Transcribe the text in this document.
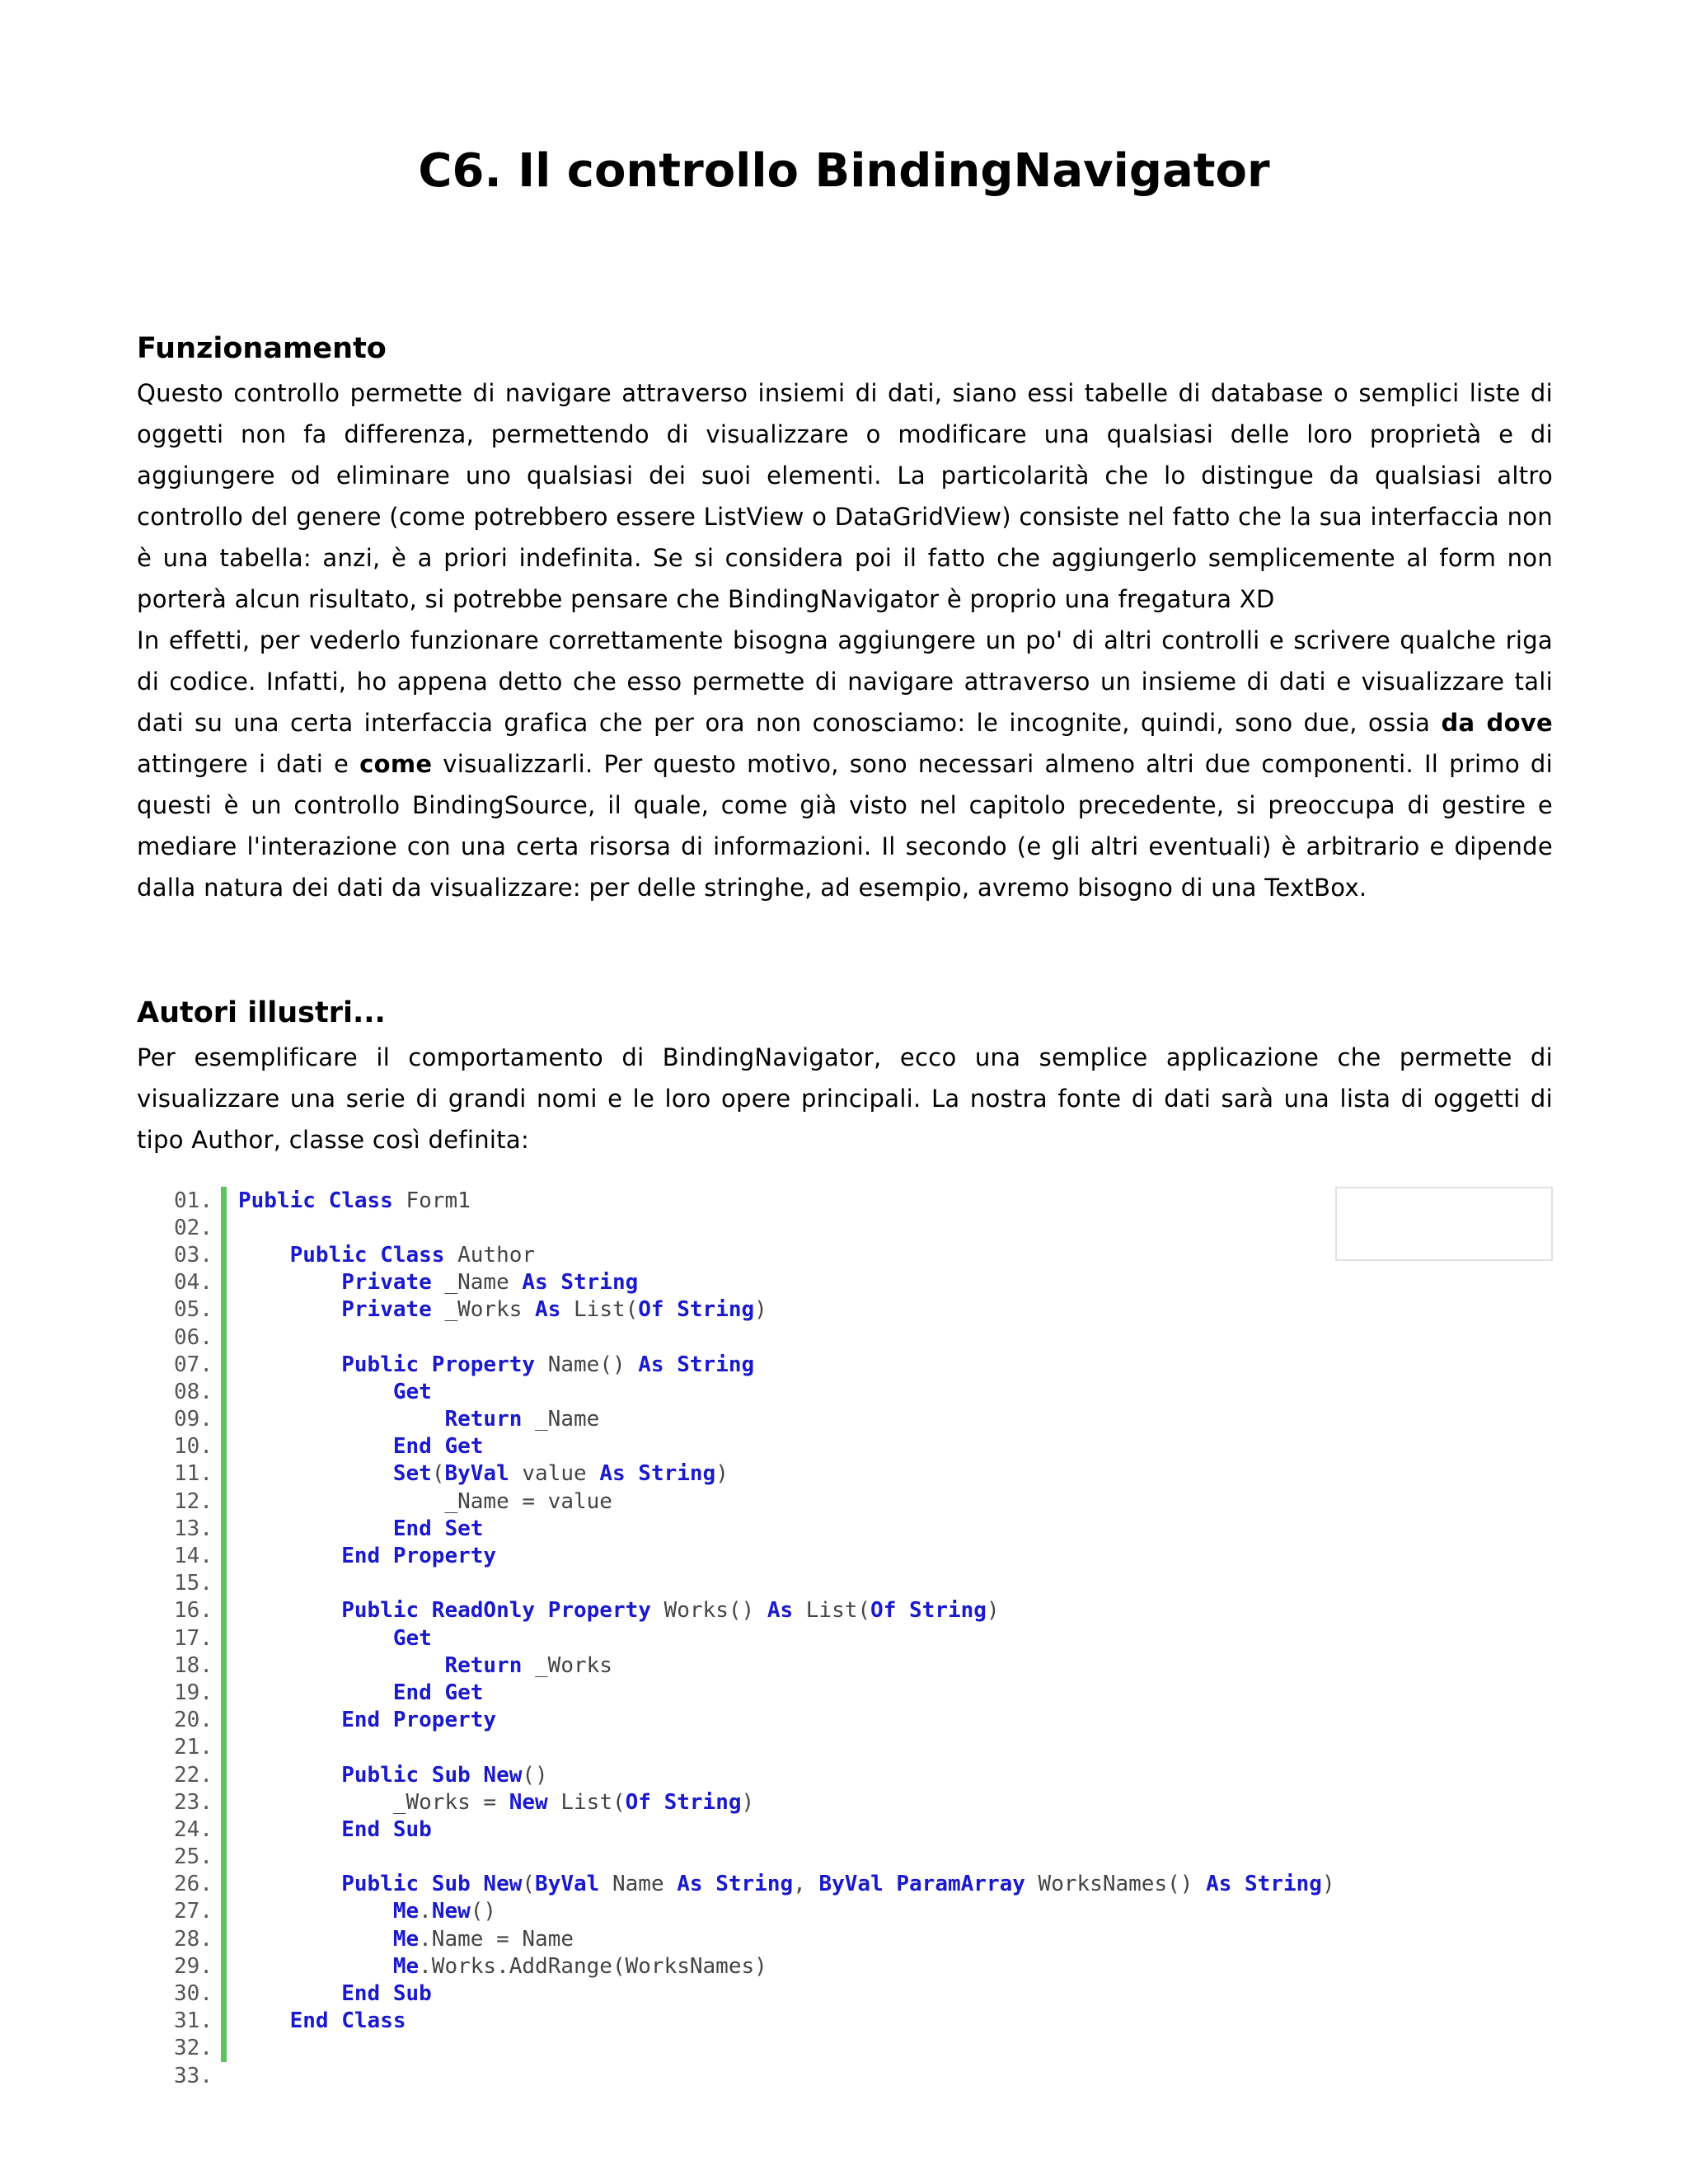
C6. Il controllo BindingNavigator
Funzionamento
Questo controllo permette di navigare attraverso insiemi di dati, siano essi tabelle di database o semplici liste di oggetti non fa differenza, permettendo di visualizzare o modificare una qualsiasi delle loro proprietà e di aggiungere od eliminare uno qualsiasi dei suoi elementi. La particolarità che lo distingue da qualsiasi altro controllo del genere (come potrebbero essere ListView o DataGridView) consiste nel fatto che la sua interfaccia non è una tabella: anzi, è a priori indefinita. Se si considera poi il fatto che aggiungerlo semplicemente al form non porterà alcun risultato, si potrebbe pensare che BindingNavigator è proprio una fregatura XD
In effetti, per vederlo funzionare correttamente bisogna aggiungere un po' di altri controlli e scrivere qualche riga di codice. Infatti, ho appena detto che esso permette di navigare attraverso un insieme di dati e visualizzare tali dati su una certa interfaccia grafica che per ora non conosciamo: le incognite, quindi, sono due, ossia da dove attingere i dati e come visualizzarli. Per questo motivo, sono necessari almeno altri due componenti. Il primo di questi è un controllo BindingSource, il quale, come già visto nel capitolo precedente, si preoccupa di gestire e mediare l'interazione con una certa risorsa di informazioni. Il secondo (e gli altri eventuali) è arbitrario e dipende dalla natura dei dati da visualizzare: per delle stringhe, ad esempio, avremo bisogno di una TextBox.
Autori illustri...
Per esemplificare il comportamento di BindingNavigator, ecco una semplice applicazione che permette di visualizzare una serie di grandi nomi e le loro opere principali. La nostra fonte di dati sarà una lista di oggetti di tipo Author, classe così definita:
01. Public Class Form1
02.
03.	Public Class Author
04.	Private _Name As String
05.	Private _Works As List(Of String)
06.
07.	Public Property Name() As String
08.	Get
09.	Return _Name
10.	End Get
11.	Set(ByVal value As String)
12. _Name = value
13.	End Set
14.	End Property
15.
16.	Public ReadOnly Property Works() As List(Of String)
17.	Get
18.	Return _Works
19.	End Get
20.	End Property
21.
22.	Public Sub New()
23. _Works = New List(Of String)
24.	End Sub
25.
26.	Public Sub New(ByVal Name As String, ByVal ParamArray WorksNames() As String)
27.	Me.New()
28.	Me.Name = Name
29.	Me.Works.AddRange(WorksNames)
30.	End Sub
31.	End Class
32.
33.
